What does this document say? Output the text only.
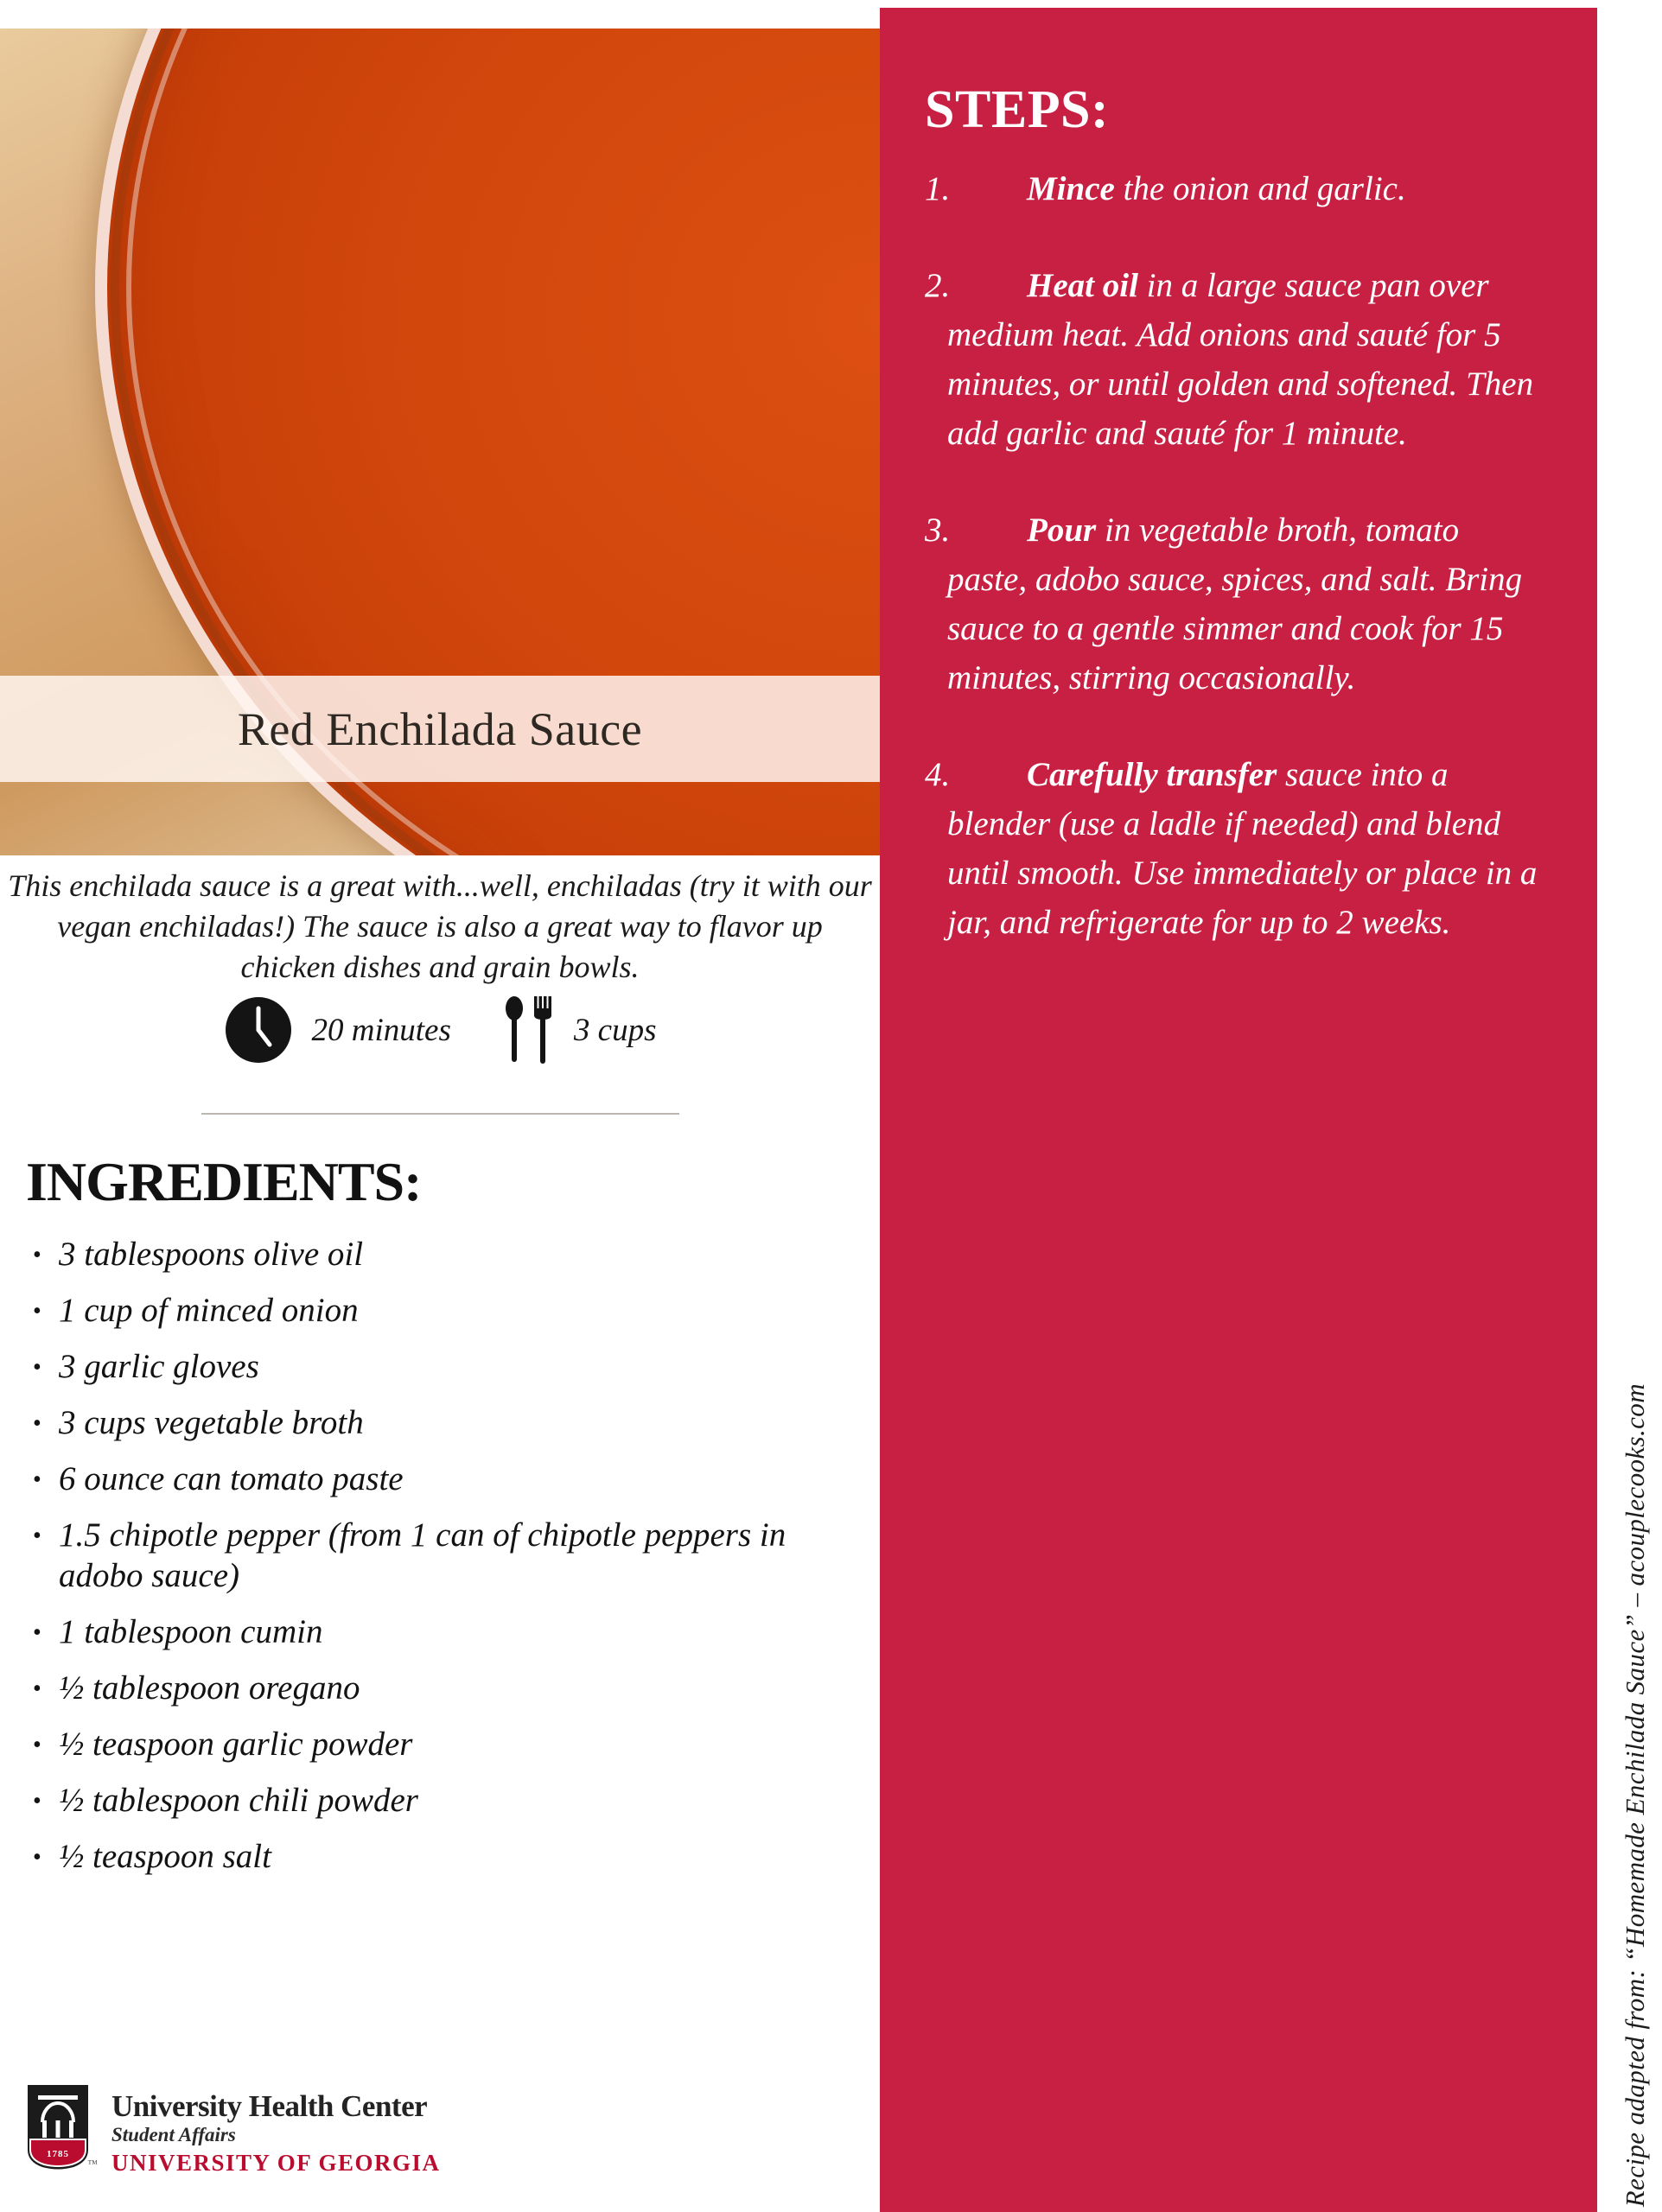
Red Enchilada Sauce

This enchilada sauce is a great with...well, enchiladas (try it with our vegan enchiladas!) The sauce is also a great way to flavor up chicken dishes and grain bowls.

20 minutes	3 cups
INGREDIENTS:
• 3 tablespoons olive oil
• 1 cup of minced onion
• 3 garlic gloves
• 3 cups vegetable broth
• 6 ounce can tomato paste
• 1.5 chipotle pepper (from 1 can of chipotle peppers in adobo sauce)
• 1 tablespoon cumin
• ½ tablespoon oregano
• ½ teaspoon garlic powder
• ½ tablespoon chili powder
• ½ teaspoon salt
STEPS:

1. Mince the onion and garlic.

2. Heat oil in a large sauce pan over medium heat. Add onions and sauté for 5 minutes, or until golden and softened. Then add garlic and sauté for 1 minute.

3. Pour in vegetable broth, tomato paste, adobo sauce, spices, and salt. Bring sauce to a gentle simmer and cook for 15 minutes, stirring occasionally.

4. Carefully transfer sauce into a blender (use a ladle if needed) and blend until smooth. Use immediately or place in a jar, and refrigerate for up to 2 weeks.

Recipe adapted from: “Homemade Enchilada Sauce” – acouplecooks.com
1785
™
University Health Center
Student Affairs
UNIVERSITY OF GEORGIA
